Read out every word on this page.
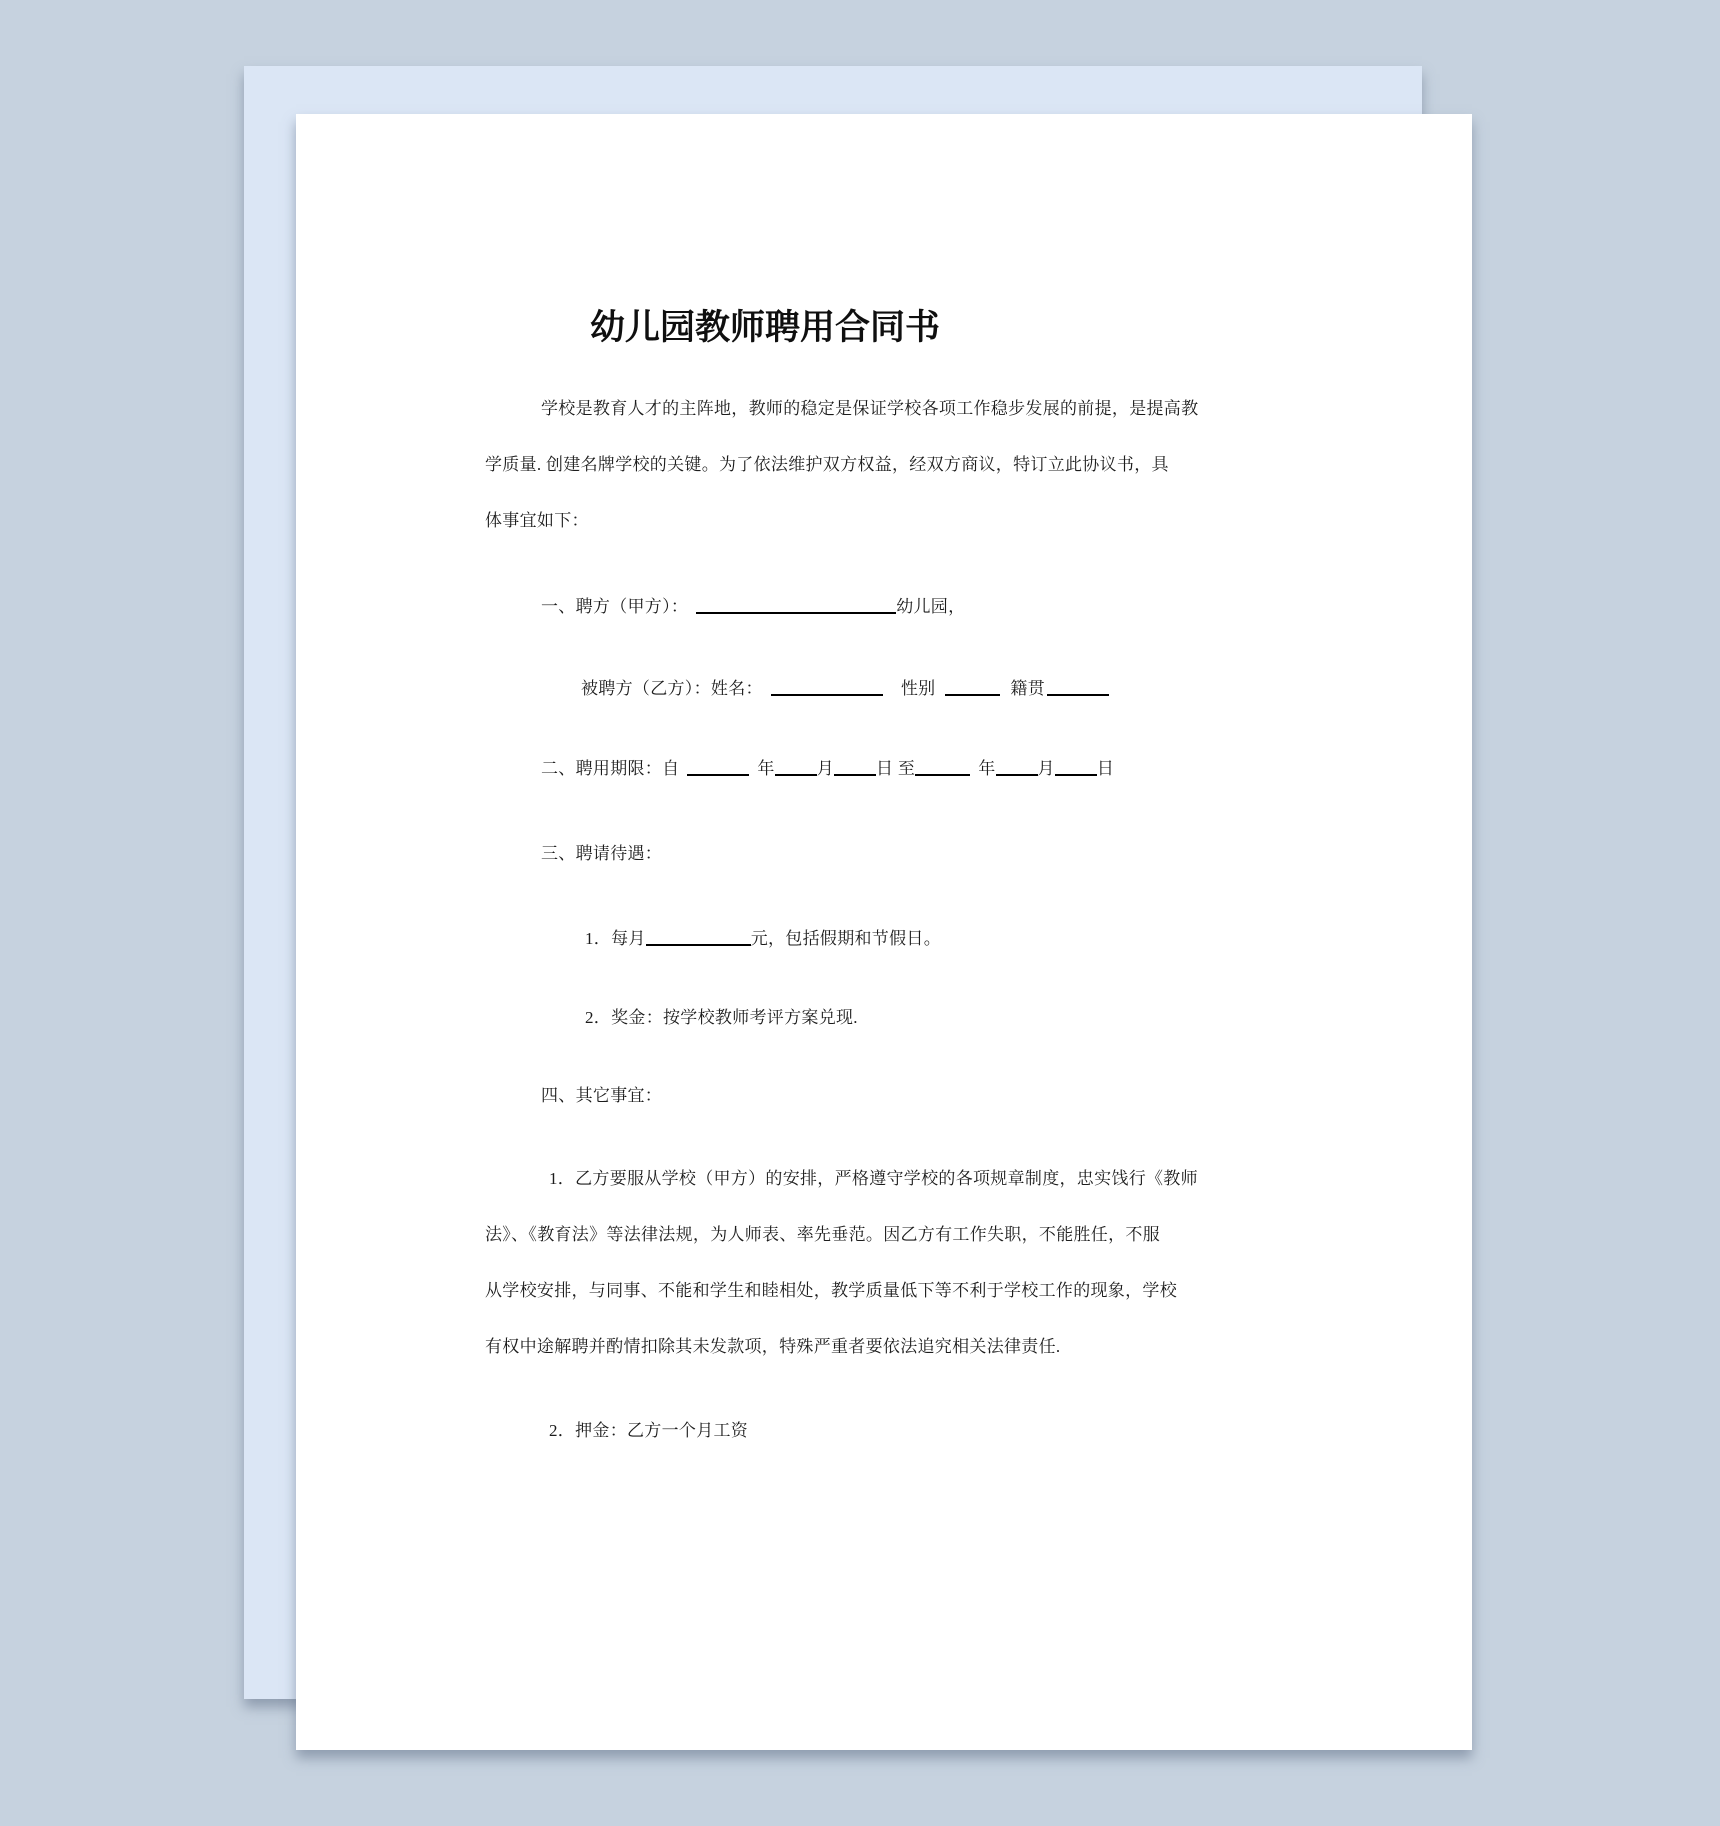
幼儿园教师聘用合同书
学校是教育人才的主阵地，教师的稳定是保证学校各项工作稳步发展的前提，是提高教
学质量. 创建名牌学校的关键。为了依法维护双方权益，经双方商议，特订立此协议书，具
体事宜如下：
一、聘方（甲方）：	幼儿园，
被聘方（乙方）：姓名：	性别	籍贯
二、聘用期限：自	年 月 日 至	年 月 日
三、聘请待遇：
1．每月	元，包括假期和节假日。
2．奖金：按学校教师考评方案兑现.
四、其它事宜：
1．乙方要服从学校（甲方）的安排，严格遵守学校的各项规章制度，忠实饯行《教师
法》、《教育法》等法律法规，为人师表、率先垂范。因乙方有工作失职，不能胜任，不服
从学校安排，与同事、不能和学生和睦相处，教学质量低下等不利于学校工作的现象，学校
有权中途解聘并酌情扣除其未发款项，特殊严重者要依法追究相关法律责任.
2．押金：乙方一个月工资
